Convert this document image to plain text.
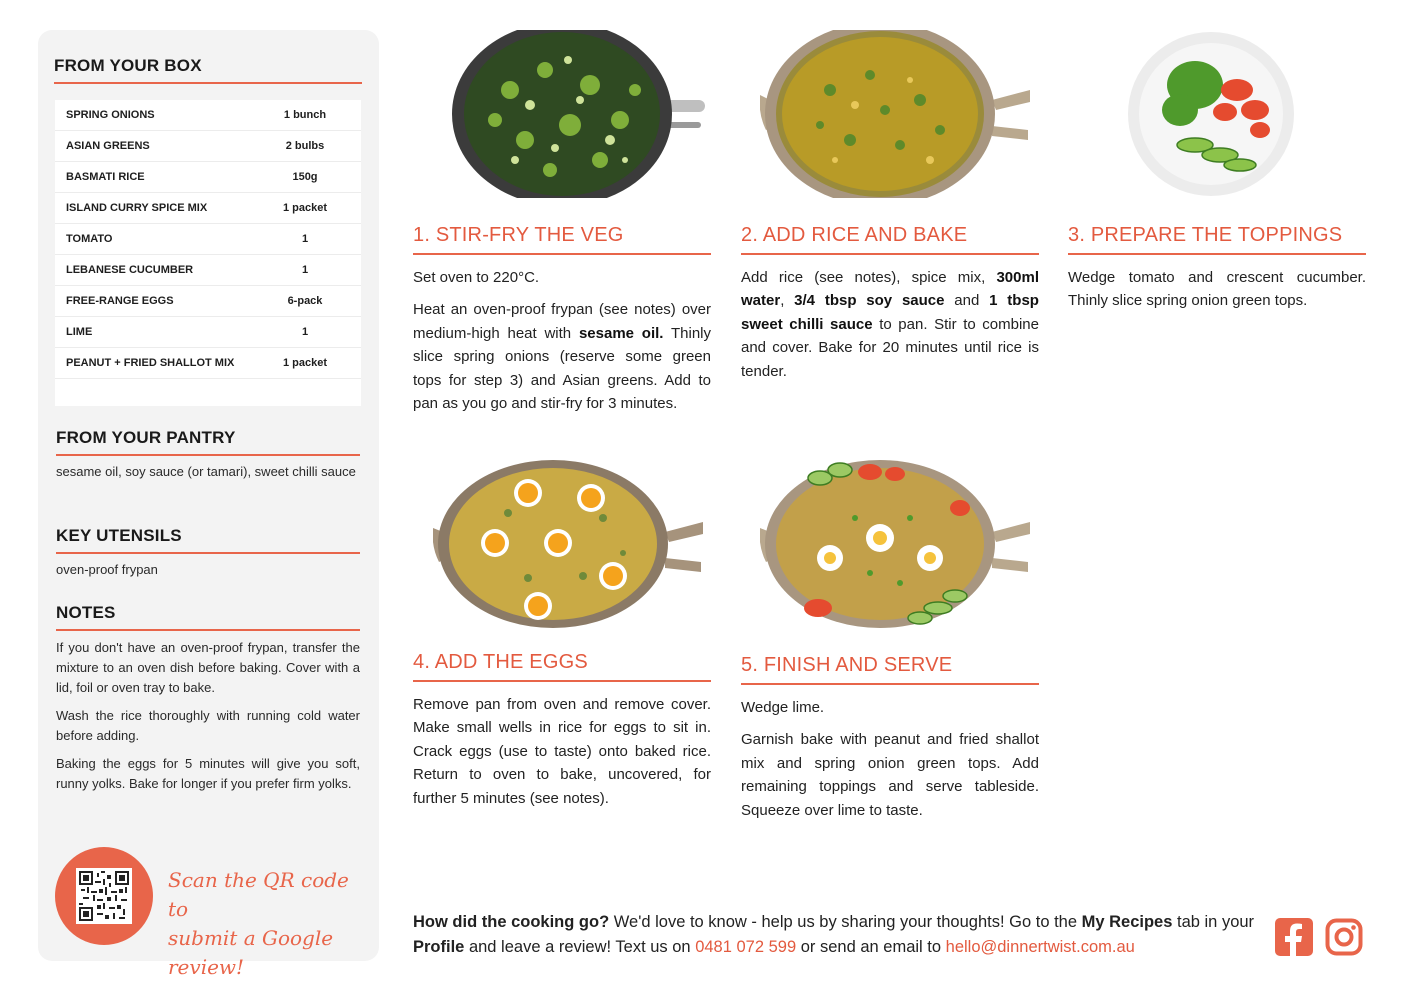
FROM YOUR BOX
SPRING ONIONS	1 bunch
ASIAN GREENS	2 bulbs
BASMATI RICE	150g
ISLAND CURRY SPICE MIX	1 packet
TOMATO	1
LEBANESE CUCUMBER	1
FREE-RANGE EGGS	6-pack
LIME	1
PEANUT + FRIED SHALLOT MIX	1 packet
FROM YOUR PANTRY
sesame oil, soy sauce (or tamari), sweet chilli sauce
KEY UTENSILS
oven-proof frypan
NOTES
If you don't have an oven-proof frypan, transfer the mixture to an oven dish before baking. Cover with a lid, foil or oven tray to bake.
Wash the rice thoroughly with running cold water before adding.
Baking the eggs for 5 minutes will give you soft, runny yolks. Bake for longer if you prefer firm yolks.
Scan the QR code to
submit a Google review!
1. STIR-FRY THE VEG

Set oven to 220°C.

Heat an oven-proof frypan (see notes) over medium-high heat with sesame oil. Thinly slice spring onions (reserve some green tops for step 3) and Asian greens. Add to pan as you go and stir-fry for 3 minutes.

2. ADD RICE AND BAKE

Add rice (see notes), spice mix, 300ml water, 3/4 tbsp soy sauce and 1 tbsp sweet chilli sauce to pan. Stir to combine and cover. Bake for 20 minutes until rice is tender.

3. PREPARE THE TOPPINGS

Wedge tomato and crescent cucumber. Thinly slice spring onion green tops.

4. ADD THE EGGS

Remove pan from oven and remove cover. Make small wells in rice for eggs to sit in. Crack eggs (use to taste) onto baked rice. Return to oven to bake, uncovered, for further 5 minutes (see notes).

5. FINISH AND SERVE

Wedge lime.

Garnish bake with peanut and fried shallot mix and spring onion green tops. Add remaining toppings and serve tableside. Squeeze over lime to taste.

How did the cooking go? We'd love to know - help us by sharing your thoughts! Go to the My Recipes tab in your Profile and leave a review! Text us on 0481 072 599 or send an email to hello@dinnertwist.com.au
